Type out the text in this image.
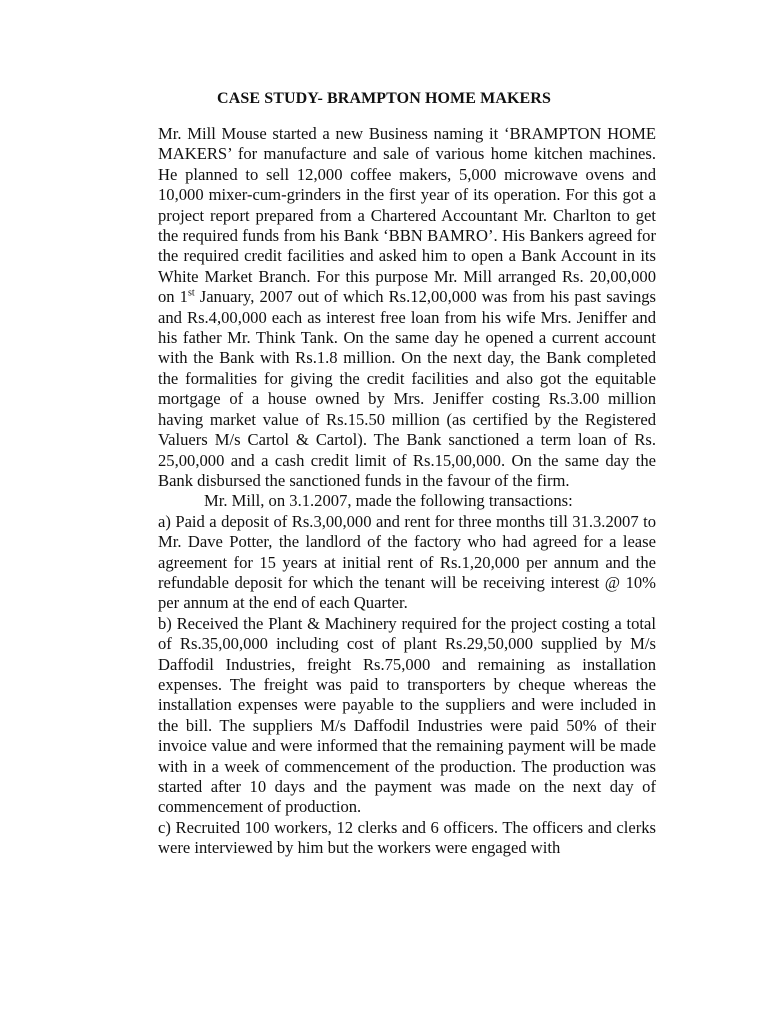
CASE STUDY- BRAMPTON HOME MAKERS

Mr. Mill Mouse started a new Business naming it ‘BRAMPTON HOME MAKERS’ for manufacture and sale of various home kitchen machines. He planned to sell 12,000 coffee makers, 5,000 microwave ovens and 10,000 mixer-cum-grinders in the first year of its operation. For this got a project report prepared from a Chartered Accountant Mr. Charlton to get the required funds from his Bank ‘BBN BAMRO’. His Bankers agreed for the required credit facilities and asked him to open a Bank Account in its White Market Branch. For this purpose Mr. Mill arranged Rs. 20,00,000 on 1st January, 2007 out of which Rs.12,00,000 was from his past savings and Rs.4,00,000 each as interest free loan from his wife Mrs. Jeniffer and his father Mr. Think Tank. On the same day he opened a current account with the Bank with Rs.1.8 million. On the next day, the Bank completed the formalities for giving the credit facilities and also got the equitable mortgage of a house owned by Mrs. Jeniffer costing Rs.3.00 million having market value of Rs.15.50 million (as certified by the Registered Valuers M/s Cartol & Cartol). The Bank sanctioned a term loan of Rs. 25,00,000 and a cash credit limit of Rs.15,00,000. On the same day the Bank disbursed the sanctioned funds in the favour of the firm.

Mr. Mill, on 3.1.2007, made the following transactions:

a) Paid a deposit of Rs.3,00,000 and rent for three months till 31.3.2007 to Mr. Dave Potter, the landlord of the factory who had agreed for a lease agreement for 15 years at initial rent of Rs.1,20,000 per annum and the refundable deposit for which the tenant will be receiving interest @ 10% per annum at the end of each Quarter.

b) Received the Plant & Machinery required for the project costing a total of Rs.35,00,000 including cost of plant Rs.29,50,000 supplied by M/s Daffodil Industries, freight Rs.75,000 and remaining as installation expenses. The freight was paid to transporters by cheque whereas the installation expenses were payable to the suppliers and were included in the bill. The suppliers M/s Daffodil Industries were paid 50% of their invoice value and were informed that the remaining payment will be made with in a week of commencement of the production. The production was started after 10 days and the payment was made on the next day of commencement of production.

c) Recruited 100 workers, 12 clerks and 6 officers. The officers and clerks were interviewed by him but the workers were engaged with
